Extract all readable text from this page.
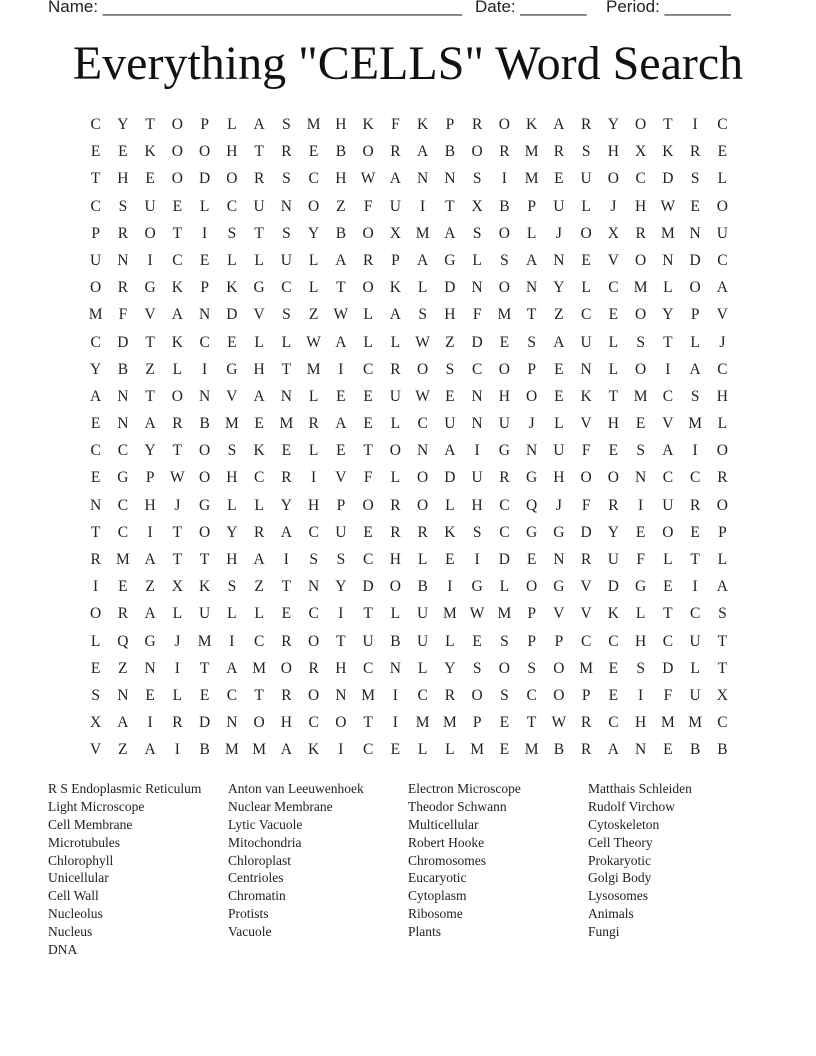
Name: ______________________________________

Date: _______

Period: _______

Everything "CELLS" Word Search
C	Y	T	O	P	L	A	S	M H	K	F	K	P	R	O	K	A	R	Y	O	T	I	C
E	E	K	O	O	H	T	R	E	B	O	R	A	B	O	R M R	S	H	X	K	R	E
T	H	E	O	D	O	R	S	C	H W A	N	N	S	I	M	E	U	O	C	D	S	L
C	S	U	E	L	C	U	N	O	Z	F	U	I	T	X	B	P	U	L	J	H W E	O
P	R	O	T	I	S	T	S	Y	B	O	X M A	S	O	L	J	O	X	R M N	U
U	N	I	C	E	L	L	U	L	A	R	P	A	G	L	S	A	N	E	V	O	N	D	C
O	R	G	K	P	K	G	C	L	T	O	K	L	D	N	O	N	Y	L	C M	L	O	A
M	F	V	A	N	D	V	S	Z W L	A	S	H	F	M	T	Z	C	E	O	Y	P	V
C	D	T	K	C	E	L	L W A	L	L W Z	D	E	S	A	U	L	S	T	L	J
Y	B	Z	L	I	G	H	T	M	I	C	R	O	S	C	O	P	E	N	L	O	I	A	C
A	N	T	O	N	V	A	N	L	E	E	U W E	N	H	O	E	K	T	M C	S	H
E	N	A	R	B M	E	M R	A	E	L	C	U	N	U	J	L	V	H	E	V M	L
C	C	Y	T	O	S	K	E	L	E	T	O	N	A	I	G	N	U	F	E	S	A	I	O
E	G	P	W O	H	C	R	I	V	F	L	O	D	U	R	G	H	O	O	N	C	C	R
N	C	H	J	G	L	L	Y	H	P	O	R	O	L	H	C	Q	J	F	R	I	U	R	O
T	C	I	T	O	Y	R	A	C	U	E	R	R	K	S	C	G	G	D	Y	E	O	E	P
R M A	T	T	H	A	I	S	S	C	H	L	E	I	D	E	N	R	U	F	L	T	L
I	E	Z	X	K	S	Z	T	N	Y	D	O	B	I	G	L	O	G	V	D	G	E	I	A
O	R	A	L	U	L	L	E	C	I	T	L	U M W M	P	V	V	K	L	T	C	S
L	Q	G	J	M	I	C	R	O	T	U	B	U	L	E	S	P	P	C	C	H	C	U	T
E	Z	N	I	T	A M O	R	H	C	N	L	Y	S	O	S	O M	E	S	D	L	T
S	N	E	L	E	C	T	R	O	N M	I	C	R	O	S	C	O	P	E	I	F	U	X
X	A	I	R	D	N	O	H	C	O	T	I	M M	P	E	T W R	C	H M M C
V	Z	A	I	B M M A	K	I	C	E	L	L	M	E	M B	R	A	N	E	B	B
R S Endoplasmic Reticulum
Light Microscope
Cell Membrane
Microtubules
Chlorophyll
Unicellular
Cell Wall
Nucleolus
Nucleus
DNA
Anton van Leeuwenhoek
Nuclear Membrane
Lytic Vacuole
Mitochondria
Chloroplast
Centrioles
Chromatin
Protists
Vacuole
Electron Microscope
Theodor Schwann
Multicellular
Robert Hooke
Chromosomes
Eucaryotic
Cytoplasm
Ribosome
Plants
Matthais Schleiden
Rudolf Virchow
Cytoskeleton
Cell Theory
Prokaryotic
Golgi Body
Lysosomes
Animals
Fungi
